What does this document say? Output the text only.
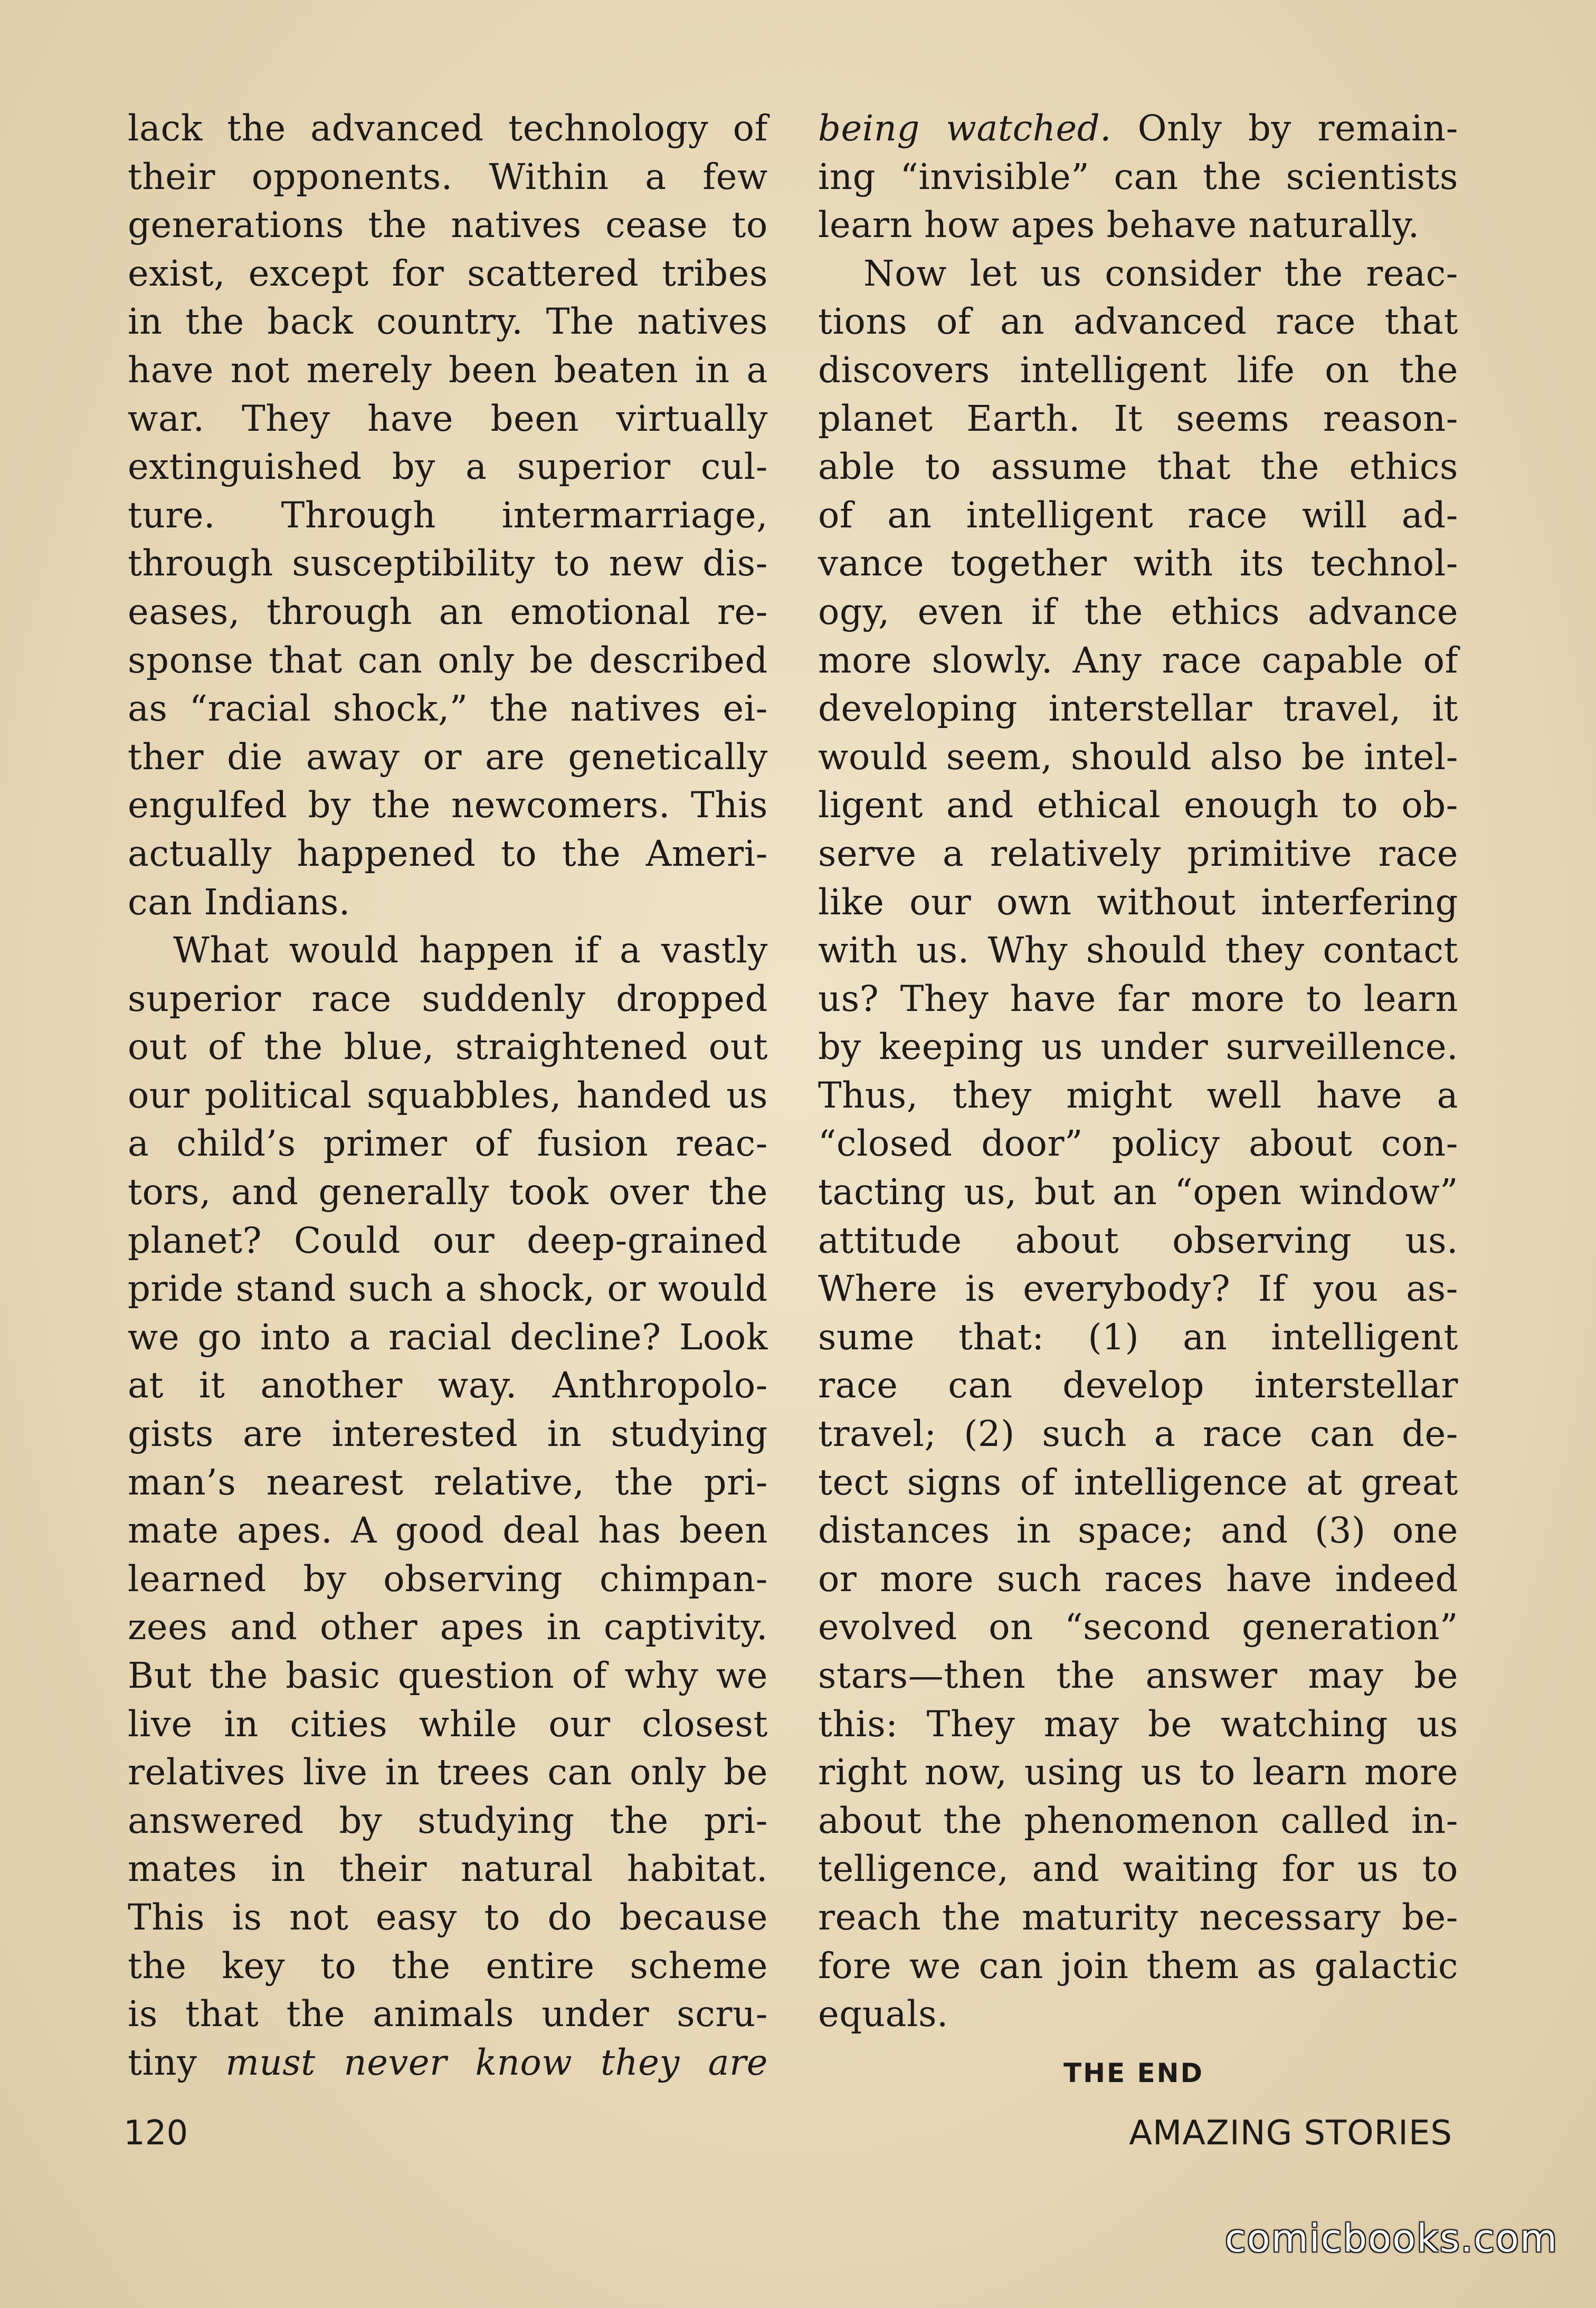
lack the advanced technology of
their opponents. Within a few
generations the natives cease to
exist, except for scattered tribes
in the back country. The natives
have not merely been beaten in a
war. They have been virtually
extinguished by a superior cul-
ture. Through intermarriage,
through susceptibility to new dis-
eases, through an emotional re-
sponse that can only be described
as “racial shock,” the natives ei-
ther die away or are genetically
engulfed by the newcomers. This
actually happened to the Ameri-
can Indians.
What would happen if a vastly
superior race suddenly dropped
out of the blue, straightened out
our political squabbles, handed us
a child’s primer of fusion reac-
tors, and generally took over the
planet? Could our deep-grained
pride stand such a shock, or would
we go into a racial decline? Look
at it another way. Anthropolo-
gists are interested in studying
man’s nearest relative, the pri-
mate apes. A good deal has been
learned by observing chimpan-
zees and other apes in captivity.
But the basic question of why we
live in cities while our closest
relatives live in trees can only be
answered by studying the pri-
mates in their natural habitat.
This is not easy to do because
the key to the entire scheme
is that the animals under scru-
tiny must never know they are
being watched. Only by remain-
ing “invisible” can the scientists
learn how apes behave naturally.
Now let us consider the reac-
tions of an advanced race that
discovers intelligent life on the
planet Earth. It seems reason-
able to assume that the ethics
of an intelligent race will ad-
vance together with its technol-
ogy, even if the ethics advance
more slowly. Any race capable of
developing interstellar travel, it
would seem, should also be intel-
ligent and ethical enough to ob-
serve a relatively primitive race
like our own without interfering
with us. Why should they contact
us? They have far more to learn
by keeping us under surveillence.
Thus, they might well have a
“closed door” policy about con-
tacting us, but an “open window”
attitude about observing us.
Where is everybody? If you as-
sume that: (1) an intelligent
race can develop interstellar
travel; (2) such a race can de-
tect signs of intelligence at great
distances in space; and (3) one
or more such races have indeed
evolved on “second generation”
stars—then the answer may be
this: They may be watching us
right now, using us to learn more
about the phenomenon called in-
telligence, and waiting for us to
reach the maturity necessary be-
fore we can join them as galactic
equals.
THE END
120	AMAZING STORIES
comicbooks.com
